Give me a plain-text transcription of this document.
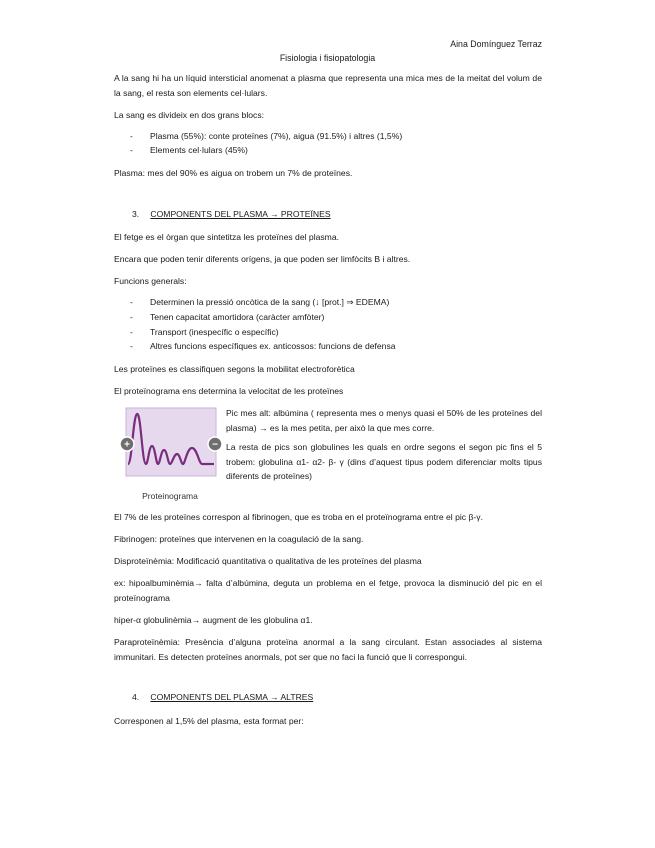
Aina Domínguez Terraz
Fisiologia i fisiopatologia

A la sang hi ha un líquid intersticial anomenat a plasma que representa una mica mes de la meitat del volum de la sang, el resta son elements cel·lulars.

La sang es divideix en dos grans blocs:

- Plasma (55%): conte proteïnes (7%), aigua (91.5%) i altres (1,5%)
- Elements cel·lulars (45%)

Plasma: mes del 90% es aigua on trobem un 7% de proteïnes.

3. COMPONENTS DEL PLASMA → PROTEÏNES

El fetge es el òrgan que sintetitza les proteïnes del plasma.

Encara que poden tenir diferents orígens, ja que poden ser limfòcits B i altres.

Funcions generals:

- Determinen la pressió oncòtica de la sang (↓ [prot.] ⇒ EDEMA)
- Tenen capacitat amortidora (caràcter amfòter)
- Transport (inespecífic o específic)
- Altres funcions específiques ex. anticossos: funcions de defensa

Les proteïnes es classifiquen segons la mobilitat electroforètica

El proteïnograma ens determina la velocitat de les proteïnes

+	−
Proteinograma

Pic mes alt: albúmina ( representa mes o menys quasi el 50% de les proteïnes del plasma) → es la mes petita, per això la que mes corre.

La resta de pics son globulines les quals en ordre segons el segon pic fins el 5 trobem: globulina α1- α2- β- γ (dins d’aquest tipus podem diferenciar molts tipus diferents de proteïnes)

El 7% de les proteïnes correspon al fibrinogen, que es troba en el proteïnograma entre el pic β-γ.

Fibrinogen: proteïnes que intervenen en la coagulació de la sang.

Disproteïnèmia: Modificació quantitativa o qualitativa de les proteïnes del plasma

ex: hipoalbuminèmia→ falta d’albúmina, deguta un problema en el fetge, provoca la disminució del pic en el proteïnograma

hiper-α globulinèmia→ augment de les globulina α1.

Paraproteïnèmia: Presència d’alguna proteïna anormal a la sang circulant. Estan associades al sistema immunitari. Es detecten proteïnes anormals, pot ser que no faci la funció que li correspongui.

4. COMPONENTS DEL PLASMA → ALTRES

Corresponen al 1,5% del plasma, esta format per:
